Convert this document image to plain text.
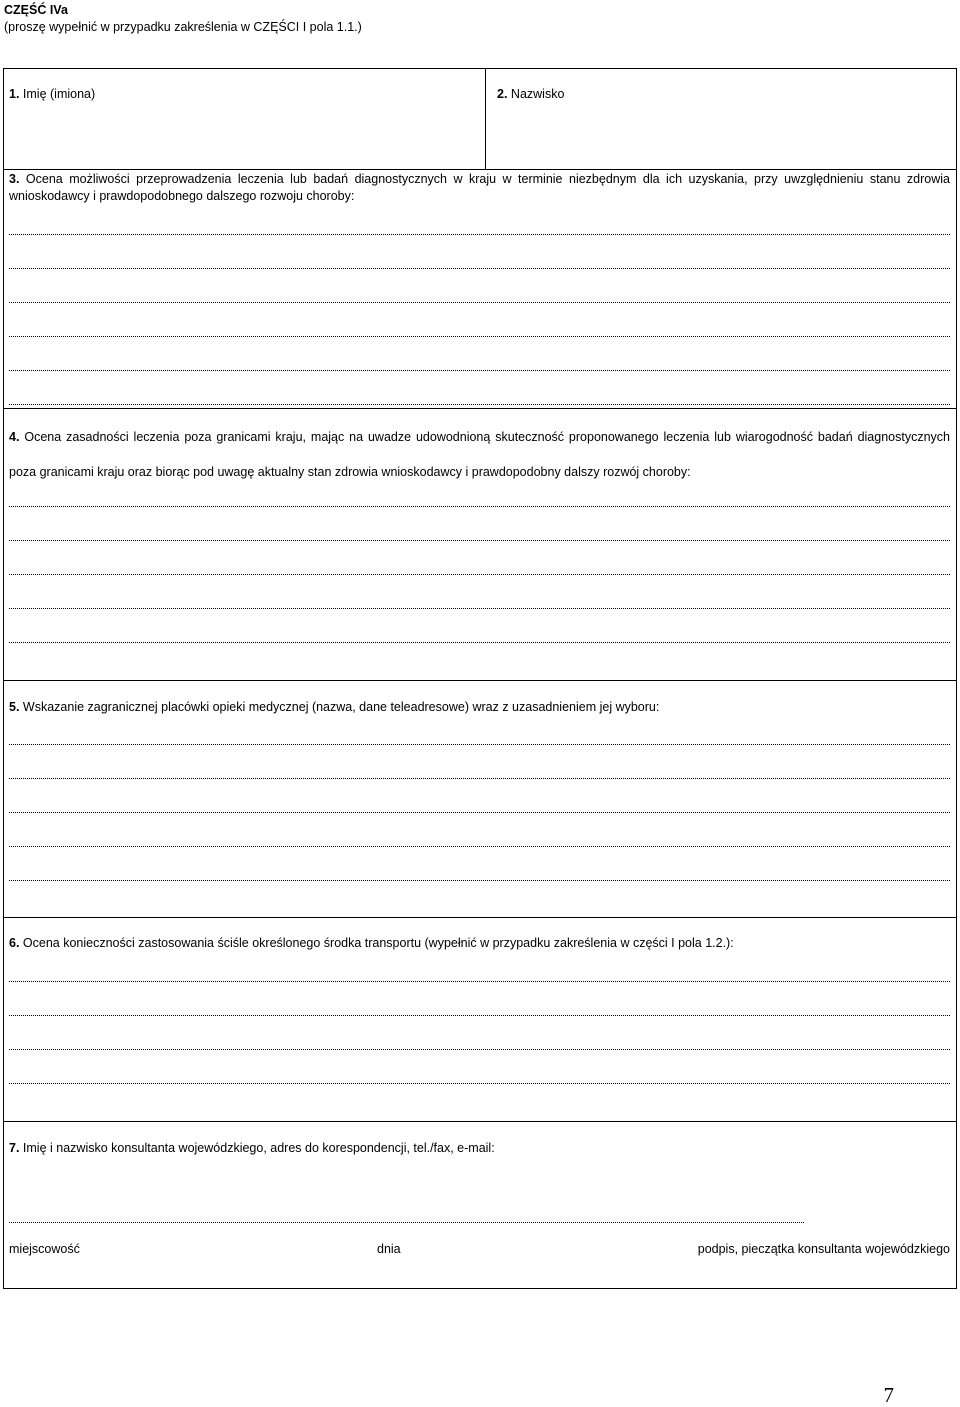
CZĘŚĆ IVa
(proszę wypełnić w przypadku zakreślenia w CZĘŚCI I pola 1.1.)
1. Imię (imiona)	2. Nazwisko
3. Ocena możliwości przeprowadzenia leczenia lub badań diagnostycznych w kraju w terminie niezbędnym dla ich uzyskania, przy uwzględnieniu stanu zdrowia wnioskodawcy i prawdopodobnego dalszego rozwoju choroby:
4. Ocena zasadności leczenia poza granicami kraju, mając na uwadze udowodnioną skuteczność proponowanego leczenia lub wiarogodność badań diagnostycznych poza granicami kraju oraz biorąc pod uwagę aktualny stan zdrowia wnioskodawcy i prawdopodobny dalszy rozwój choroby:
5. Wskazanie zagranicznej placówki opieki medycznej (nazwa, dane teleadresowe) wraz z uzasadnieniem jej wyboru:
6. Ocena konieczności zastosowania ściśle określonego środka transportu (wypełnić w przypadku zakreślenia w części I pola 1.2.):
7. Imię i nazwisko konsultanta wojewódzkiego, adres do korespondencji, tel./fax, e-mail:
miejscowość	dnia	podpis, pieczątka konsultanta wojewódzkiego
7
